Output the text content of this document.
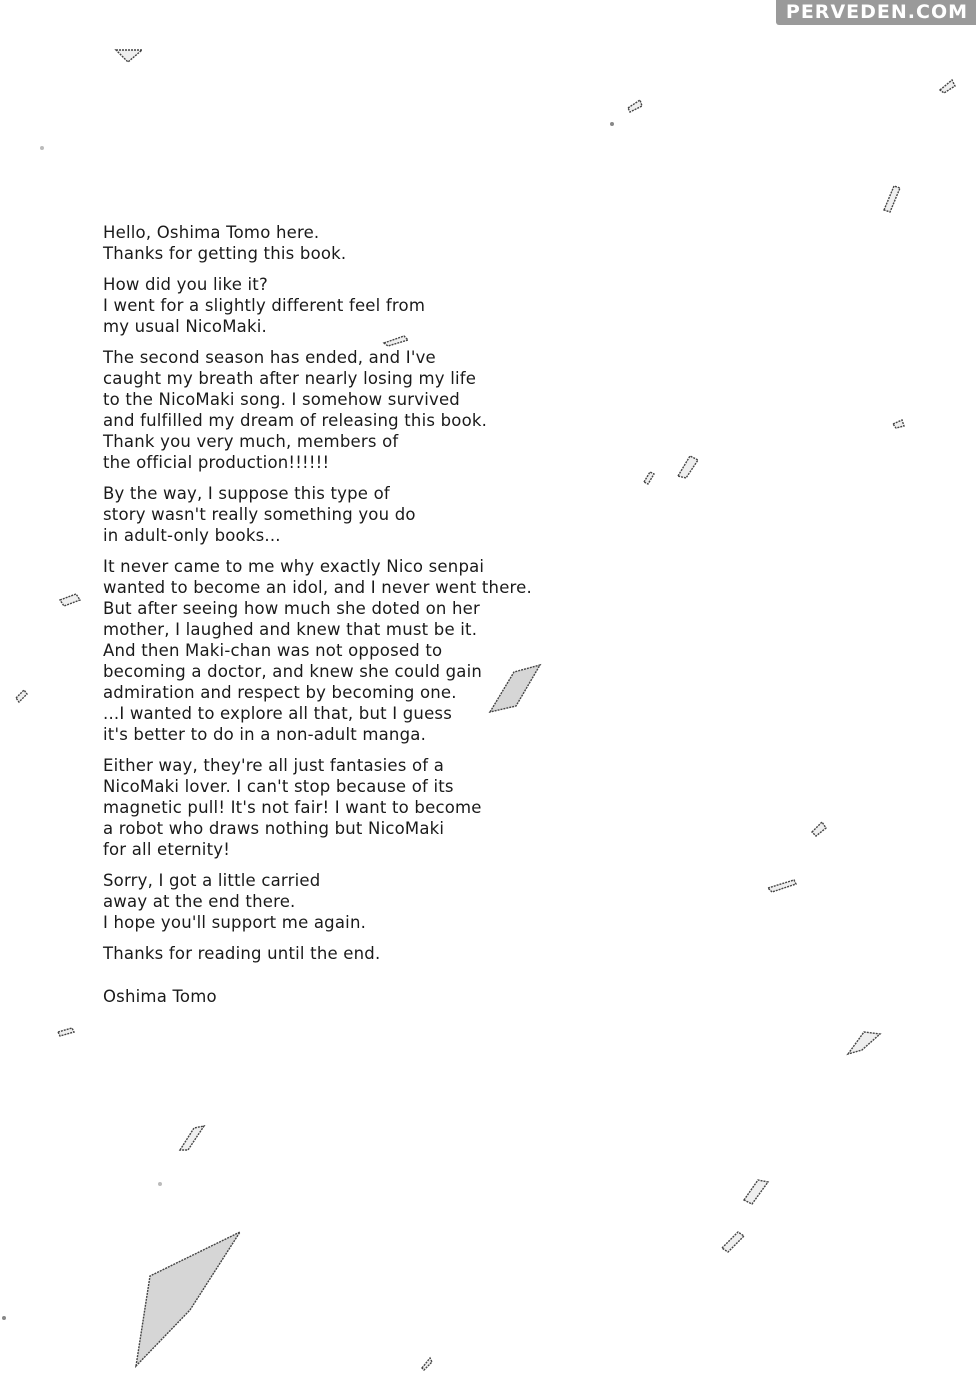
PERVEDEN.COM

Hello, Oshima Tomo here.
Thanks for getting this book.

How did you like it?
I went for a slightly different feel from
my usual NicoMaki.

The second season has ended, and I've
caught my breath after nearly losing my life
to the NicoMaki song. I somehow survived
and fulfilled my dream of releasing this book.
Thank you very much, members of
the official production!!!!!!

By the way, I suppose this type of
story wasn't really something you do
in adult-only books...

It never came to me why exactly Nico senpai
wanted to become an idol, and I never went there.
But after seeing how much she doted on her
mother, I laughed and knew that must be it.
And then Maki-chan was not opposed to
becoming a doctor, and knew she could gain
admiration and respect by becoming one.
...I wanted to explore all that, but I guess
it's better to do in a non-adult manga.

Either way, they're all just fantasies of a
NicoMaki lover. I can't stop because of its
magnetic pull! It's not fair! I want to become
a robot who draws nothing but NicoMaki
for all eternity!

Sorry, I got a little carried
away at the end there.
I hope you'll support me again.

Thanks for reading until the end.

Oshima Tomo
